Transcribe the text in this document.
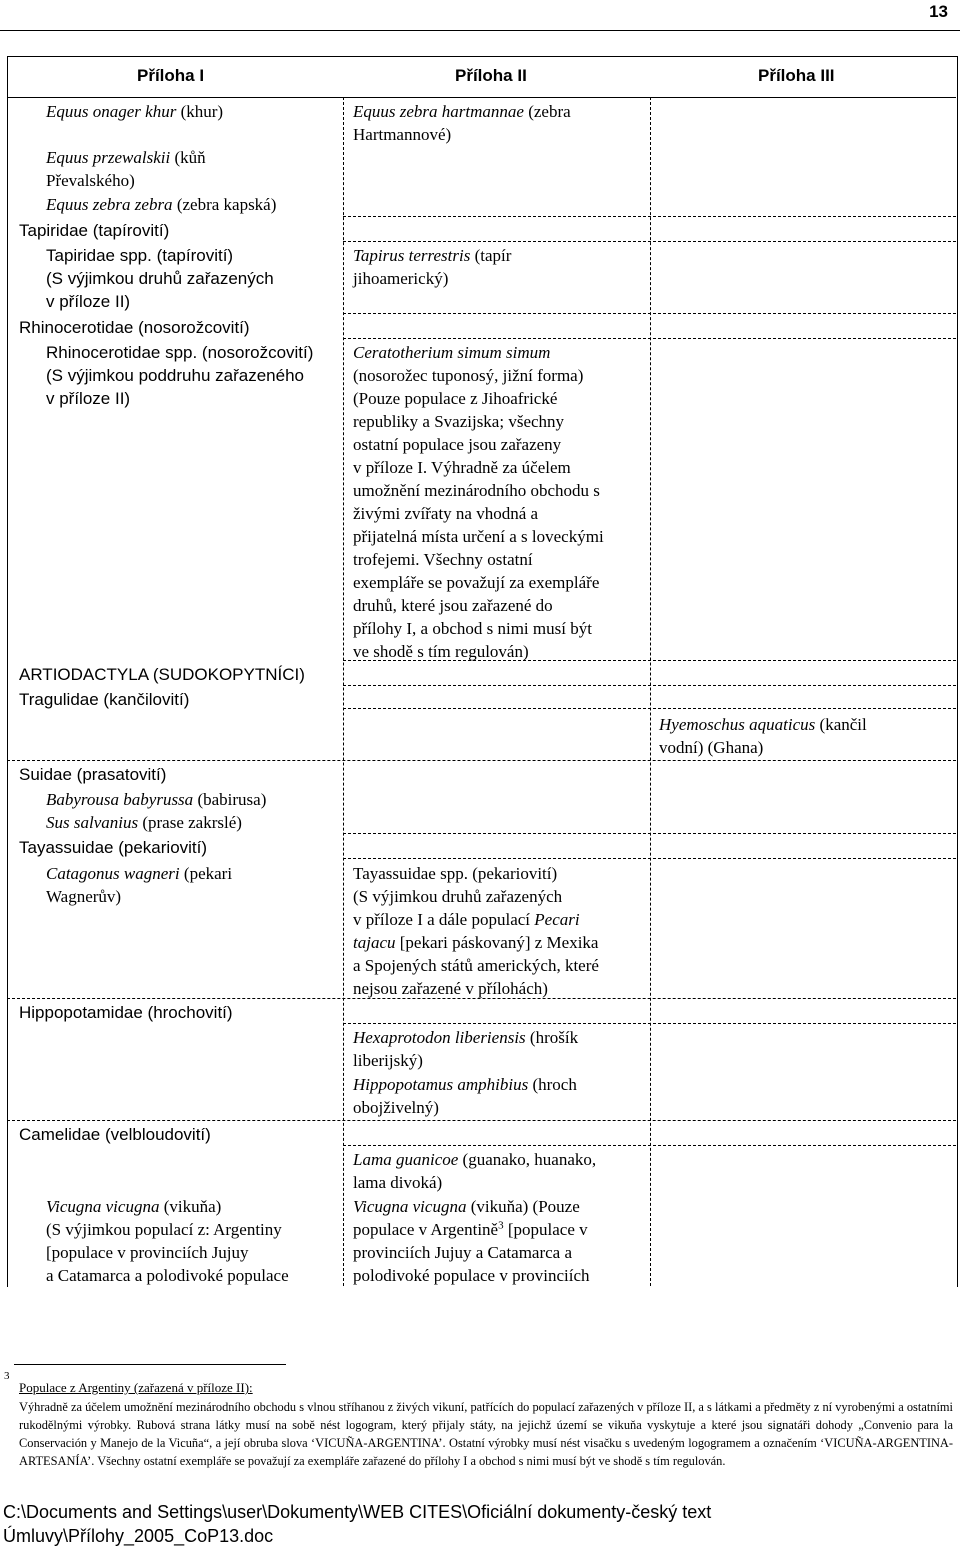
13
Příloha I	Příloha II	Příloha III
Equus onager khur (khur)
Equus przewalskii (kůň
Převalského)
Equus zebra zebra (zebra kapská)
Tapiridae (tapírovití)
Tapiridae spp. (tapírovití)
(S výjimkou druhů zařazených
v příloze II)
Rhinocerotidae (nosorožcovití)
Rhinocerotidae spp. (nosorožcovití)
(S výjimkou poddruhu zařazeného
v příloze II)
ARTIODACTYLA (SUDOKOPYTNÍCI)
Tragulidae (kančilovití)
Suidae (prasatovití)
Babyrousa babyrussa (babirusa)
Sus salvanius (prase zakrslé)
Tayassuidae (pekariovití)
Catagonus wagneri (pekari
Wagnerův)
Hippopotamidae (hrochovití)
Camelidae (velbloudovití)
Vicugna vicugna (vikuňa)
(S výjimkou populací z: Argentiny
[populace v provinciích Jujuy
a Catamarca a polodivoké populace
Equus zebra hartmannae (zebra
Hartmannové)
Tapirus terrestris (tapír
jihoamerický)
Ceratotherium simum simum
(nosorožec tuponosý, jižní forma)
(Pouze populace z Jihoafrické
republiky a Svazijska; všechny
ostatní populace jsou zařazeny
v příloze I. Výhradně za účelem
umožnění mezinárodního obchodu s
živými zvířaty na vhodná a
přijatelná místa určení a s loveckými
trofejemi. Všechny ostatní
exempláře se považují za exempláře
druhů, které jsou zařazené do
přílohy I, a obchod s nimi musí být
ve shodě s tím regulován)
Tayassuidae spp. (pekariovití)
(S výjimkou druhů zařazených
v příloze I a dále populací Pecari
tajacu [pekari páskovaný] z Mexika
a Spojených států amerických, které
nejsou zařazené v přílohách)
Hexaprotodon liberiensis (hrošík
liberijský)
Hippopotamus amphibius (hroch
obojživelný)
Lama guanicoe (guanako, huanako,
lama divoká)
Vicugna vicugna (vikuňa) (Pouze
populace v Argentině$^3$ [populace v
provinciích Jujuy a Catamarca a
polodivoké populace v provinciích
Hyemoschus aquaticus (kančil
vodní) (Ghana)
3
Populace z Argentiny (zařazená v příloze II):
Výhradně za účelem umožnění mezinárodního obchodu s vlnou stříhanou z živých vikuní, patřících do populací zařazených v příloze II, a s látkami a předměty z ní vyrobenými a ostatními rukodělnými výrobky. Rubová strana látky musí na sobě nést logogram, který přijaly státy, na jejichž území se vikuňa vyskytuje a které jsou signatáři dohody „Convenio para la Conservación y Manejo de la Vicuña“, a její obruba slova ‘VICUÑA-ARGENTINA’. Ostatní výrobky musí nést visačku s uvedeným logogramem a označením ‘VICUÑA-ARGENTINA-ARTESANÍA’. Všechny ostatní exempláře se považují za exempláře zařazené do přílohy I a obchod s nimi musí být ve shodě s tím regulován.
C:\Documents and Settings\user\Dokumenty\WEB CITES\Oficiální dokumenty-český text
Úmluvy\Přílohy_2005_CoP13.doc
